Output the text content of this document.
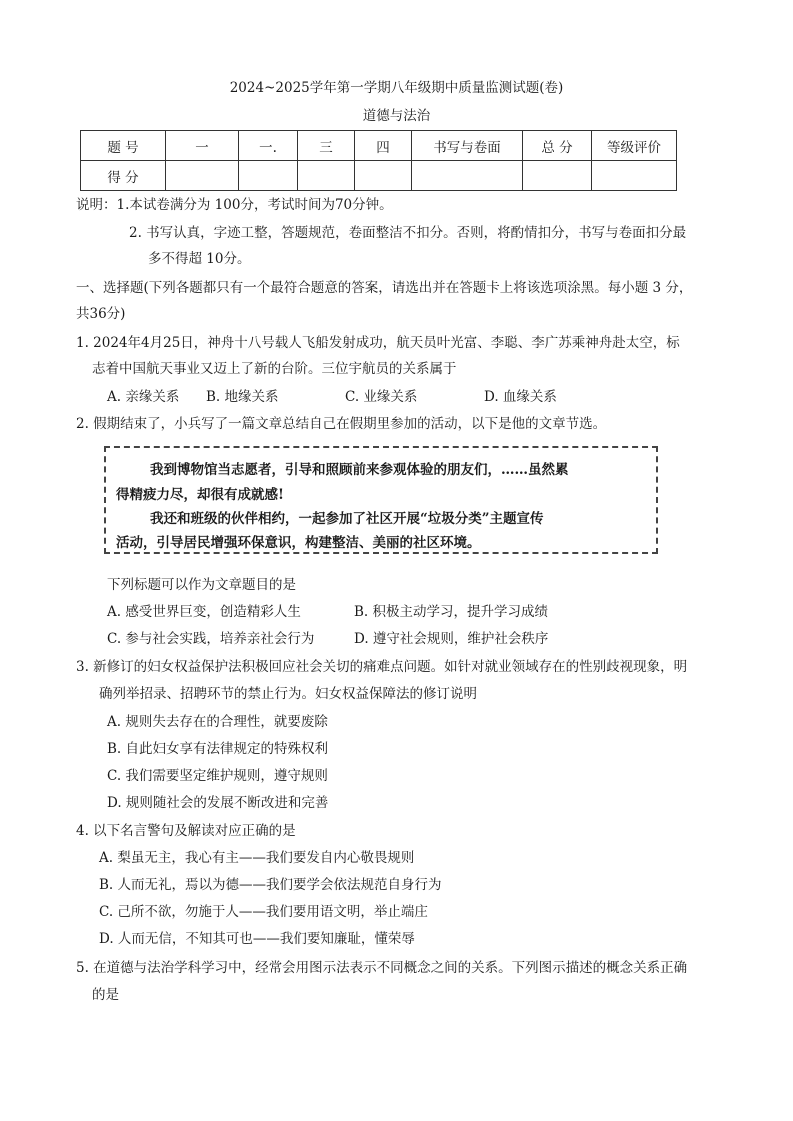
2024~2025学年第一学期八年级期中质量监测试题(卷)
道德与法治
题 号	一	一.	三	四	书写与卷面	总 分	等级评价
得 分							
说明：1.本试卷满分为 100分，考试时间为70分钟。
2. 书写认真，字迹工整，答题规范，卷面整洁不扣分。否则，将酌情扣分，书写与卷面扣分最
多不得超 10分。
一、选择题(下列各题都只有一个最符合题意的答案，请选出并在答题卡上将该选项涂黑。每小题 3 分，
共36分)
1. 2024年4月25日，神舟十八号载人飞船发射成功，航天员叶光富、李聪、李广苏乘神舟赴太空，标
志着中国航天事业又迈上了新的台阶。三位宇航员的关系属于
A. 亲缘关系 B. 地缘关系	C. 业缘关系	D. 血缘关系
2. 假期结束了，小兵写了一篇文章总结自己在假期里参加的活动，以下是他的文章节选。
我到博物馆当志愿者，引导和照顾前来参观体验的朋友们，……虽然累
得精疲力尽，却很有成就感!
我还和班级的伙伴相约，一起参加了社区开展“垃圾分类”主题宣传
活动，引导居民增强环保意识，构建整洁、美丽的社区环境。
下列标题可以作为文章题目的是
A. 感受世界巨变，创造精彩人生	B. 积极主动学习，提升学习成绩
C. 参与社会实践，培养亲社会行为	D. 遵守社会规则，维护社会秩序
3. 新修订的妇女权益保护法积极回应社会关切的痛难点问题。如针对就业领域存在的性别歧视现象，明
确列举招录、招聘环节的禁止行为。妇女权益保障法的修订说明
A. 规则失去存在的合理性，就要废除
B. 自此妇女享有法律规定的特殊权利
C. 我们需要坚定维护规则，遵守规则
D. 规则随社会的发展不断改进和完善
4. 以下名言警句及解读对应正确的是
A. 梨虽无主，我心有主——我们要发自内心敬畏规则
B. 人而无礼，焉以为德——我们要学会依法规范自身行为
C. 己所不欲，勿施于人——我们要用语文明，举止端庄
D. 人而无信，不知其可也——我们要知廉耻，懂荣辱
5. 在道德与法治学科学习中，经常会用图示法表示不同概念之间的关系。下列图示描述的概念关系正确
的是
